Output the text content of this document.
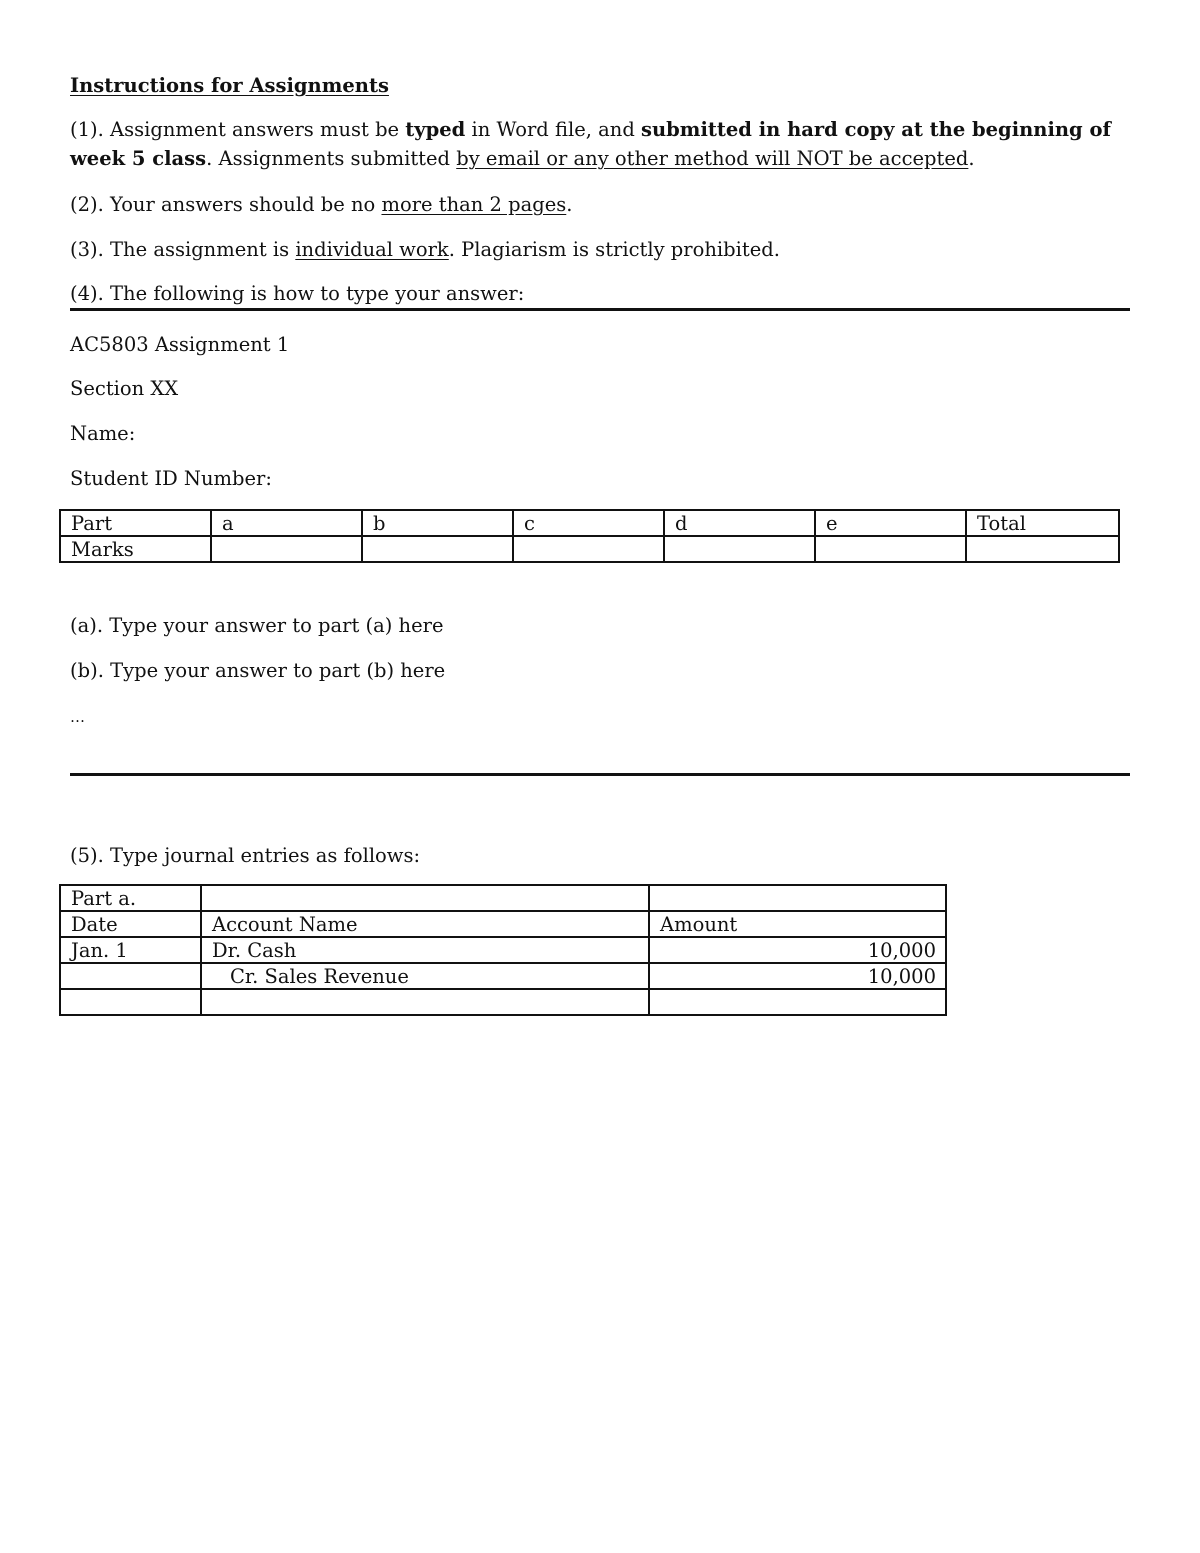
Instructions for Assignments

(1). Assignment answers must be typed in Word file, and submitted in hard copy at the beginning of

week 5 class. Assignments submitted by email or any other method will NOT be accepted.

(2). Your answers should be no more than 2 pages.

(3). The assignment is individual work. Plagiarism is strictly prohibited.

(4). The following is how to type your answer:

AC5803 Assignment 1

Section XX

Name:

Student ID Number:

Part	a	b	c	d	e	Total
Marks						

(a). Type your answer to part (a) here

(b). Type your answer to part (b) here

…

(5). Type journal entries as follows:

Part a.		
Date	Account Name	Amount
Jan. 1	Dr. Cash	10,000
	Cr. Sales Revenue	10,000
